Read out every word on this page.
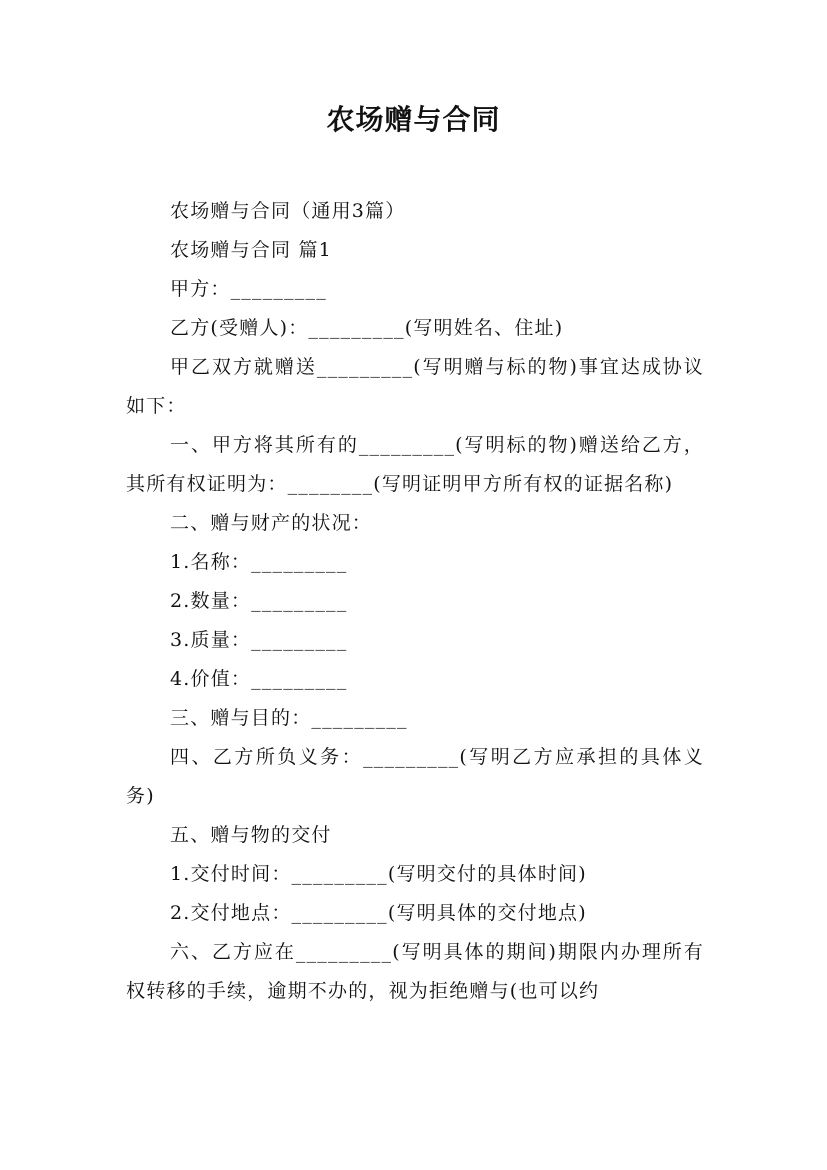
农场赠与合同

农场赠与合同（通用3篇）

农场赠与合同 篇1

甲方：_________

乙方(受赠人)：_________(写明姓名、住址)

甲乙双方就赠送_________(写明赠与标的物)事宜达成协议如下：

一、甲方将其所有的_________(写明标的物)赠送给乙方，其所有权证明为：________(写明证明甲方所有权的证据名称)

二、赠与财产的状况：

1.名称：_________

2.数量：_________

3.质量：_________

4.价值：_________

三、赠与目的：_________

四、乙方所负义务：_________(写明乙方应承担的具体义务)

五、赠与物的交付

1.交付时间：_________(写明交付的具体时间)

2.交付地点：_________(写明具体的交付地点)

六、乙方应在_________(写明具体的期间)期限内办理所有权转移的手续，逾期不办的，视为拒绝赠与(也可以约
